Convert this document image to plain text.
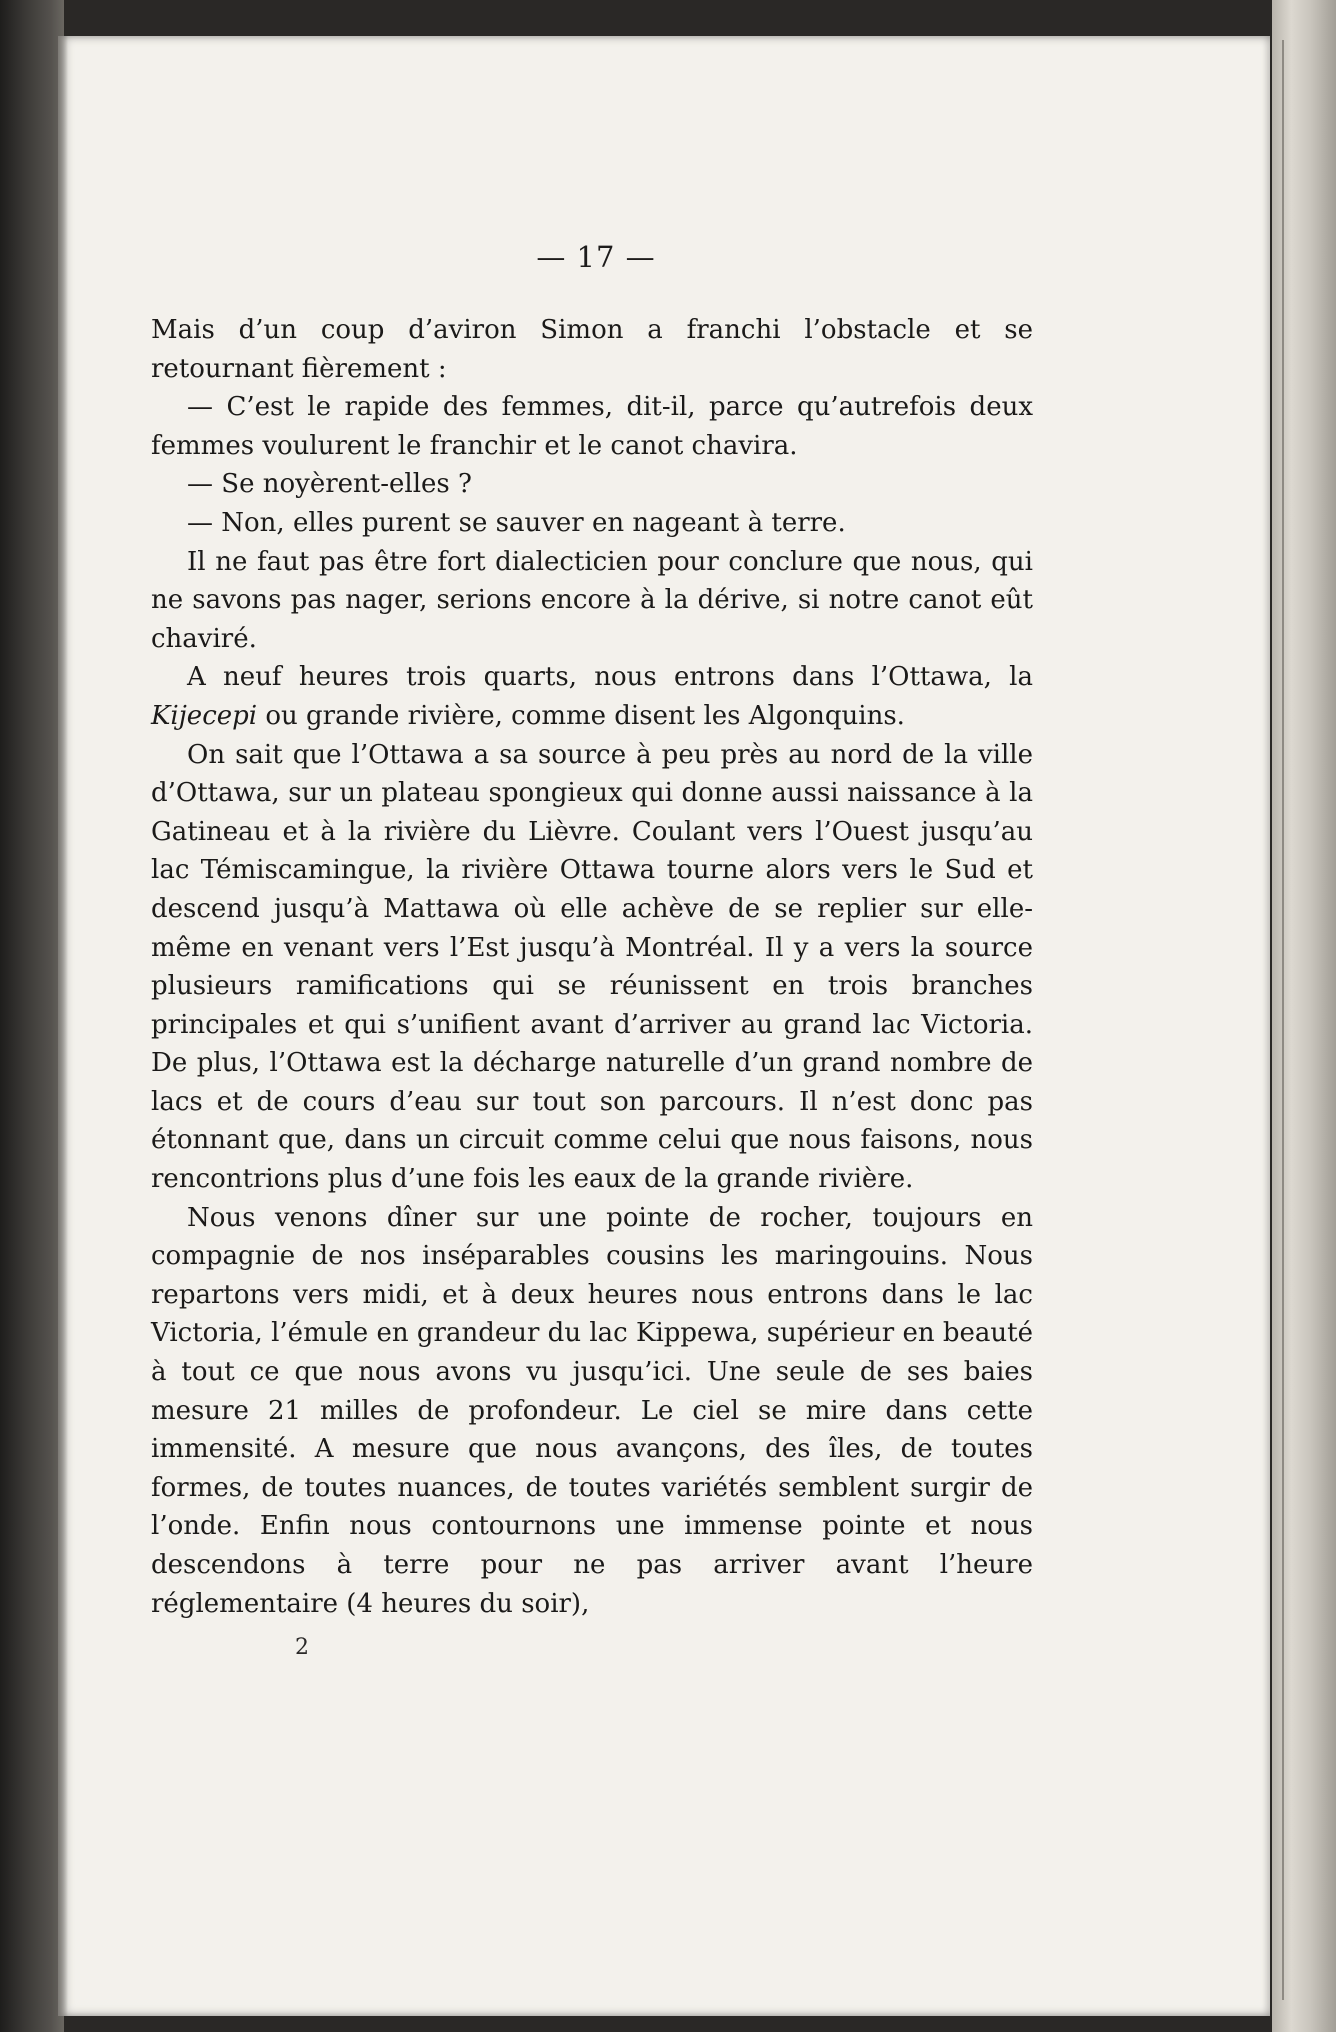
— 17 —

Mais d’un coup d’aviron Simon a franchi l’obstacle et se retournant fièrement :

— C’est le rapide des femmes, dit-il, parce qu’autrefois deux femmes voulurent le franchir et le canot chavira.

— Se noyèrent-elles ?

— Non, elles purent se sauver en nageant à terre.

Il ne faut pas être fort dialecticien pour conclure que nous, qui ne savons pas nager, serions encore à la dérive, si notre canot eût chaviré.

A neuf heures trois quarts, nous entrons dans l’Ottawa, la Kijecepi ou grande rivière, comme disent les Algonquins.

On sait que l’Ottawa a sa source à peu près au nord de la ville d’Ottawa, sur un plateau spongieux qui donne aussi naissance à la Gatineau et à la rivière du Lièvre. Coulant vers l’Ouest jusqu’au lac Témiscamingue, la rivière Ottawa tourne alors vers le Sud et descend jusqu’à Mattawa où elle achève de se replier sur elle-même en venant vers l’Est jusqu’à Montréal. Il y a vers la source plusieurs ramifications qui se réunissent en trois branches principales et qui s’unifient avant d’arriver au grand lac Victoria. De plus, l’Ottawa est la décharge naturelle d’un grand nombre de lacs et de cours d’eau sur tout son parcours. Il n’est donc pas étonnant que, dans un circuit comme celui que nous faisons, nous rencontrions plus d’une fois les eaux de la grande rivière.

Nous venons dîner sur une pointe de rocher, toujours en compagnie de nos inséparables cousins les maringouins. Nous repartons vers midi, et à deux heures nous entrons dans le lac Victoria, l’émule en grandeur du lac Kippewa, supérieur en beauté à tout ce que nous avons vu jusqu’ici. Une seule de ses baies mesure 21 milles de profondeur. Le ciel se mire dans cette immensité. A mesure que nous avançons, des îles, de toutes formes, de toutes nuances, de toutes variétés semblent surgir de l’onde. Enfin nous contournons une immense pointe et nous descendons à terre pour ne pas arriver avant l’heure réglementaire (4 heures du soir),

2
